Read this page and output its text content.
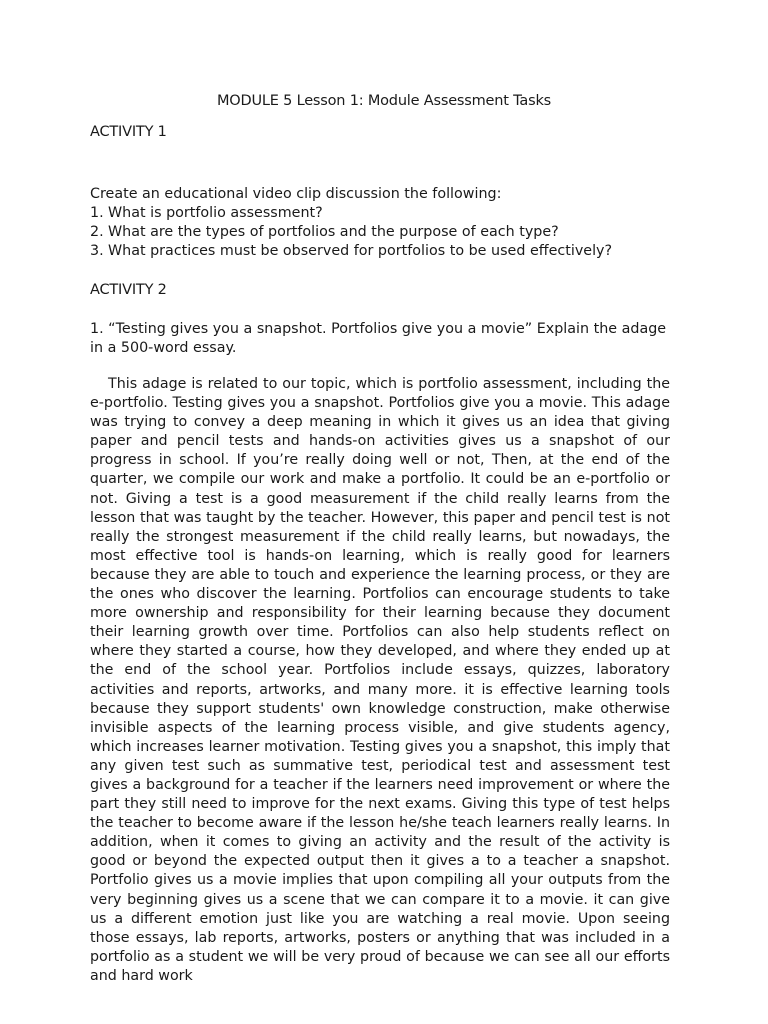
MODULE 5 Lesson 1: Module Assessment Tasks
ACTIVITY 1

Create an educational video clip discussion the following:

1. What is portfolio assessment?
2. What are the types of portfolios and the purpose of each type?
3. What practices must be observed for portfolios to be used effectively?
ACTIVITY 2
1. “Testing gives you a snapshot. Portfolios give you a movie” Explain the adage in a 500-word essay.
This adage is related to our topic, which is portfolio assessment, including the e-portfolio. Testing gives you a snapshot. Portfolios give you a movie. This adage was trying to convey a deep meaning in which it gives us an idea that giving paper and pencil tests and hands-on activities gives us a snapshot of our progress in school. If you’re really doing well or not, Then, at the end of the quarter, we compile our work and make a portfolio. It could be an e-portfolio or not. Giving a test is a good measurement if the child really learns from the lesson that was taught by the teacher. However, this paper and pencil test is not really the strongest measurement if the child really learns, but nowadays, the most effective tool is hands-on learning, which is really good for learners because they are able to touch and experience the learning process, or they are the ones who discover the learning. Portfolios can encourage students to take more ownership and responsibility for their learning because they document their learning growth over time. Portfolios can also help students reflect on where they started a course, how they developed, and where they ended up at the end of the school year. Portfolios include essays, quizzes, laboratory activities and reports, artworks, and many more. it is effective learning tools because they support students' own knowledge construction, make otherwise invisible aspects of the learning process visible, and give students agency, which increases learner motivation. Testing gives you a snapshot, this imply that any given test such as summative test, periodical test and assessment test gives a background for a teacher if the learners need improvement or where the part they still need to improve for the next exams. Giving this type of test helps the teacher to become aware if the lesson he/she teach learners really learns. In addition, when it comes to giving an activity and the result of the activity is good or beyond the expected output then it gives a to a teacher a snapshot. Portfolio gives us a movie implies that upon compiling all your outputs from the very beginning gives us a scene that we can compare it to a movie. it can give us a different emotion just like you are watching a real movie. Upon seeing those essays, lab reports, artworks, posters or anything that was included in a portfolio as a student we will be very proud of because we can see all our efforts and hard work
